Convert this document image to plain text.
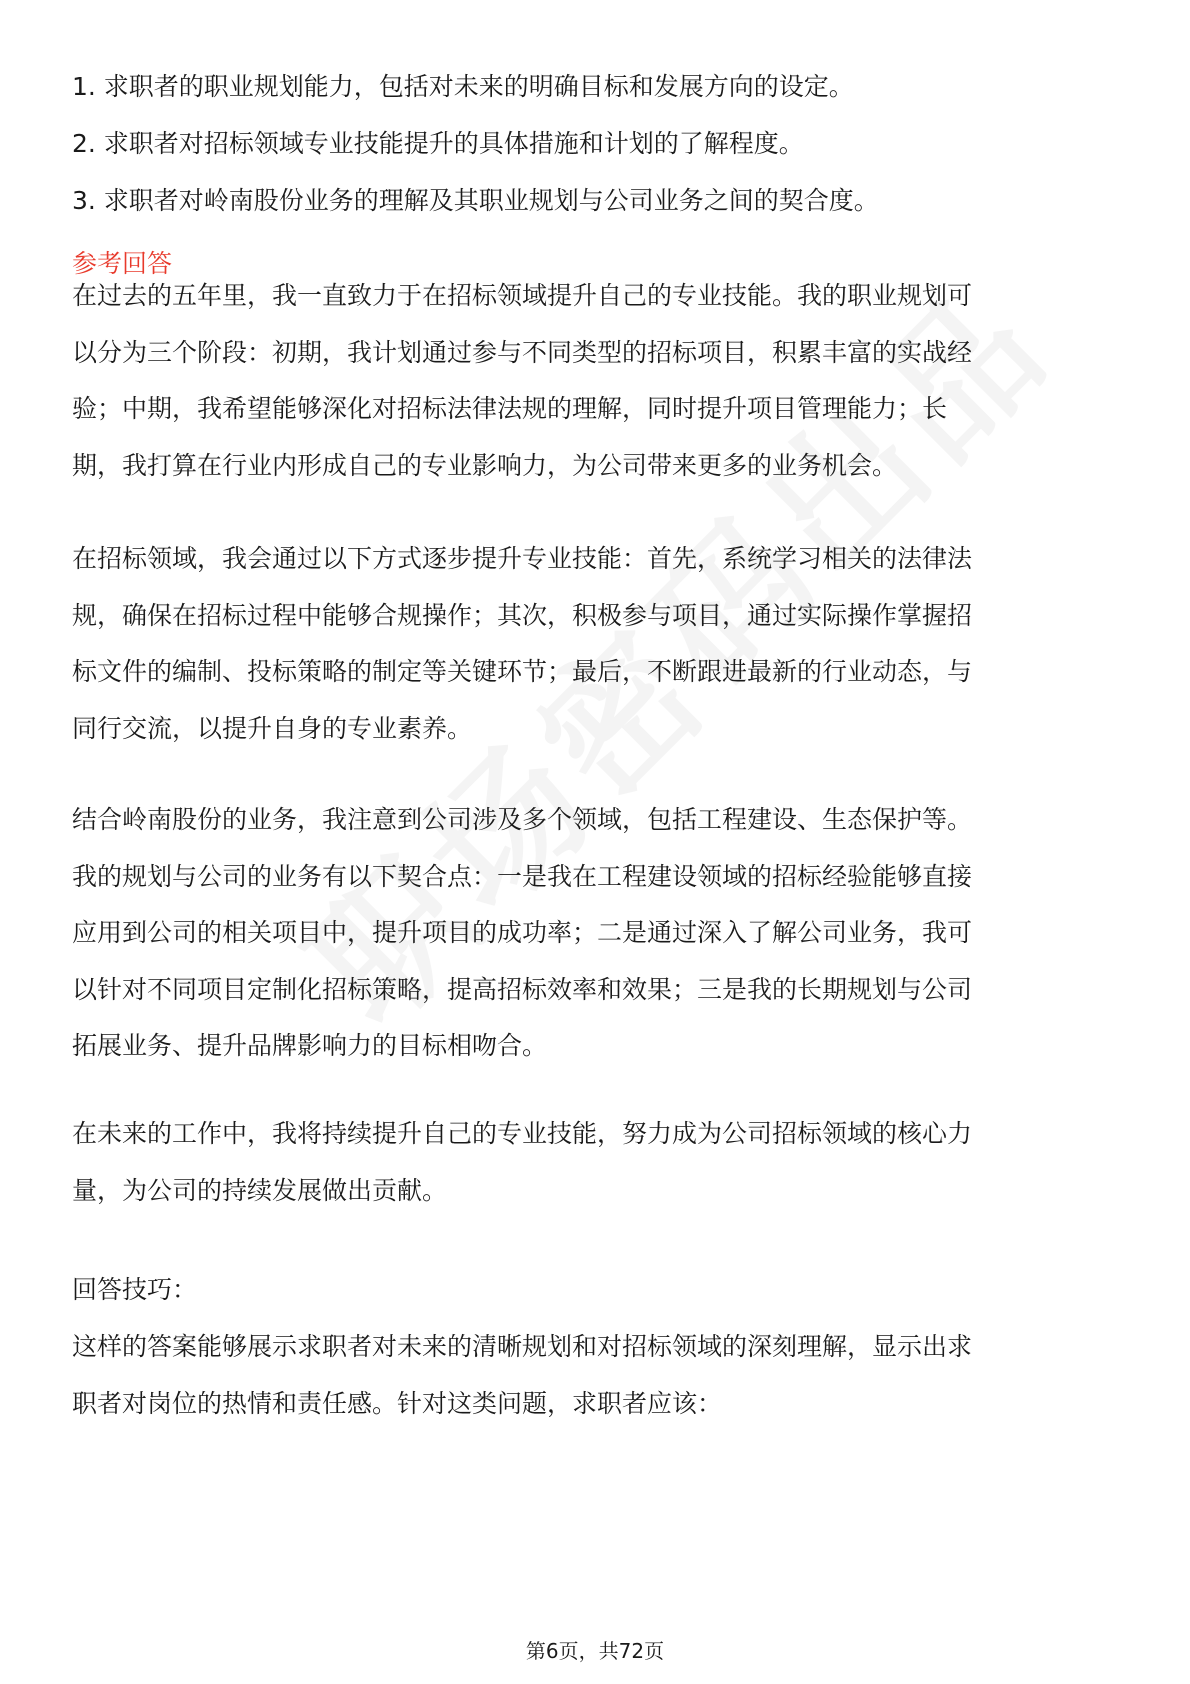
1. 求职者的职业规划能力，包括对未来的明确目标和发展方向的设定。
2. 求职者对招标领域专业技能提升的具体措施和计划的了解程度。
3. 求职者对岭南股份业务的理解及其职业规划与公司业务之间的契合度。
参考回答
在过去的五年里，我一直致力于在招标领域提升自己的专业技能。我的职业规划可
以分为三个阶段：初期，我计划通过参与不同类型的招标项目，积累丰富的实战经
验；中期，我希望能够深化对招标法律法规的理解，同时提升项目管理能力；长
期，我打算在行业内形成自己的专业影响力，为公司带来更多的业务机会。
在招标领域，我会通过以下方式逐步提升专业技能：首先，系统学习相关的法律法
规，确保在招标过程中能够合规操作；其次，积极参与项目，通过实际操作掌握招
标文件的编制、投标策略的制定等关键环节；最后，不断跟进最新的行业动态，与
同行交流，以提升自身的专业素养。
结合岭南股份的业务，我注意到公司涉及多个领域，包括工程建设、生态保护等。
我的规划与公司的业务有以下契合点：一是我在工程建设领域的招标经验能够直接
应用到公司的相关项目中，提升项目的成功率；二是通过深入了解公司业务，我可
以针对不同项目定制化招标策略，提高招标效率和效果；三是我的长期规划与公司
拓展业务、提升品牌影响力的目标相吻合。
在未来的工作中，我将持续提升自己的专业技能，努力成为公司招标领域的核心力
量，为公司的持续发展做出贡献。
回答技巧：
这样的答案能够展示求职者对未来的清晰规划和对招标领域的深刻理解，显示出求
职者对岗位的热情和责任感。针对这类问题，求职者应该：
第6页，共72页
